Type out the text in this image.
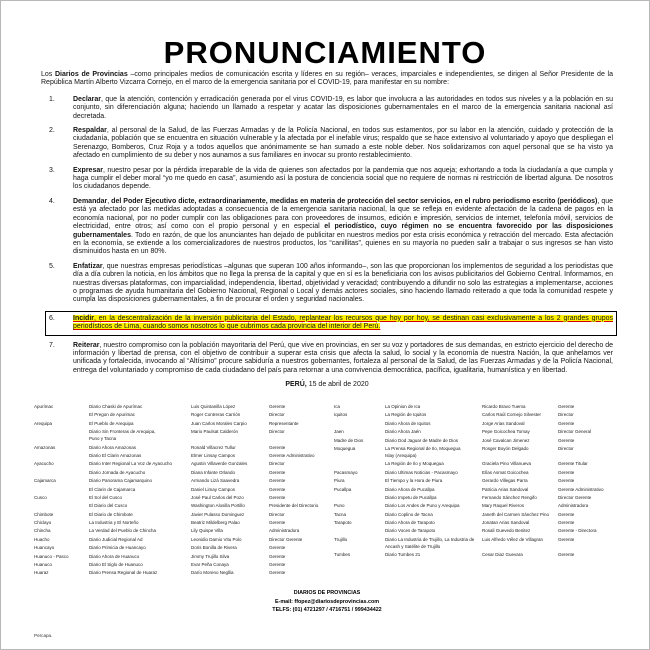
PRONUNCIAMIENTO

Los Diarios de Provincias –como principales medios de comunicación escrita y líderes en su región– veraces, imparciales e independientes, se dirigen al Señor Presidente de la República Martín Alberto Vizcarra Cornejo, en el marco de la emergencia sanitaria por el COVID-19, para manifestar en su nombre:

1.	Declarar, que la atención, contención y erradicación generada por el virus COVID-19, es labor que involucra a las autoridades en todos sus niveles y a la población en su conjunto, sin diferenciación alguna; haciendo un llamado a respetar y acatar las disposiciones gubernamentales en el marco de la emergencia sanitaria nacional así decretada.
2.	Respaldar, al personal de la Salud, de las Fuerzas Armadas y de la Policía Nacional, en todos sus estamentos, por su labor en la atención, cuidado y protección de la ciudadanía, población que se encuentra en situación vulnerable y la afectada por el inefable virus; respaldo que se hace extensivo al voluntariado y apoyo que despliegan el Serenazgo, Bomberos, Cruz Roja y a todos aquellos que anónimamente se han sumado a este noble deber. Nos solidarizamos con aquel personal que se ha visto ya afectado en cumplimiento de su deber y nos aunamos a sus familiares en invocar su pronto restablecimiento.
3.	Expresar, nuestro pesar por la pérdida irreparable de la vida de quienes son afectados por la pandemia que nos aqueja; exhortando a toda la ciudadanía a que cumpla y haga cumplir el deber moral “yo me quedo en casa”, asumiendo así la postura de conciencia social que no requiere de normas ni restricción de libertad alguna. De nosotros los ciudadanos depende.
4.	Demandar, del Poder Ejecutivo dicte, extraordinariamente, medidas en materia de protección del sector servicios, en el rubro periodismo escrito (periódicos), que está ya afectado por las medidas adoptadas a consecuencia de la emergencia sanitaria nacional, la que se refleja en evidente afectación de la cadena de pagos en la economía nacional, por no poder cumplir con las obligaciones para con proveedores de insumos, edición e impresión, servicios de internet, telefonía móvil, servicios de electricidad, entre otros; así como con el propio personal y en especial el periodístico, cuyo régimen no se encuentra favorecido por las disposiciones gubernamentales. Todo en razón, de que los anunciantes han dejado de publicitar en nuestros medios por esta crisis económica y retracción del mercado. Esta afectación en la economía, se extiende a los comercializadores de nuestros productos, los “canillitas”, quienes en su mayoría no pueden salir a trabajar o sus ingresos se han visto disminuidos hasta en un 80%.
5.	Enfatizar, que nuestras empresas periodísticas –algunas que superan 100 años informando–, son las que proporcionan los implementos de seguridad a los periodistas que día a día cubren la noticia, en los ámbitos que no llega la prensa de la capital y que en sí es la beneficiaria con los avisos publicitarios del Gobierno Central. Informamos, en nuestras diversas plataformas, con imparcialidad, independencia, libertad, objetividad y veracidad; contribuyendo a difundir no solo las estrategias a implementarse, acciones o programas de ayuda humanitaria del Gobierno Nacional, Regional o Local y demás actores sociales, sino haciendo llamado reiterado a que toda la comunidad respete y cumpla las disposiciones gubernamentales, a fin de procurar el orden y seguridad nacionales.
6.	Incidir, en la descentralización de la inversión publicitaria del Estado, replantear los recursos que hoy por hoy, se destinan casi exclusivamente a los 2 grandes grupos periodísticos de Lima, cuando somos nosotros lo que cubrimos cada provincia del interior del Perú.
7.	Reiterar, nuestro compromiso con la población mayoritaria del Perú, que vive en provincias, en ser su voz y portadores de sus demandas, en estricto ejercicio del derecho de información y libertad de prensa, con el objetivo de contribuir a superar esta crisis que afecta la salud, lo social y la economía de nuestra Nación, la que anhelamos ver unificada y fortalecida, invocando al “Altísimo” procure sabiduría a nuestros gobernantes, fortaleza al personal de la Salud, de las Fuerzas Armadas y de la Policía Nacional, entrega del voluntariado y compromiso de cada ciudadano del país para retornar a una convivencia democrática, pacífica, igualitaria, humanística y en libertad.
PERÚ, 15 de abril de 2020
Apurímac	Diario Chaski de Apurímac	Luis Quintanilla López	Gerente
El Pregon de Apurimac	Roger Contreras Carrión	Director
Arequipa	El Pueblo de Arequipa	Juan Carlos Morales Carpio	Representante
Diario Sin Fronteras de Arequipa,
Puno y Tacna
Mario Paulsat Calderón	Director
Amazonas	Diario Ahora Amazonas	Ronald Villacrez Tullur	Gerente
Diario El Clarin Amazonas	Elmer Linsay Campos	Gerente Administrativo
Ayacucho	Diario Inter Regional La Voz de Ayacucho	Agustin Villaverde Gonzales	Director
Diario Jornada de Ayacucho	Diana Infante Orlando	Gerente
Cajamarca	Diario Panorama Cajamarquino	Armando Lizá Saavedra	Gerente
El Clarin de Cajamarca	Daniel Limay Campos	Gerente
Cusco	El Sol del Cusco	José Paul Carlos del Pozo	Gerente
El Diario del Cusco	Washington Alosilla Portillo	Presidente del Directorio
Chimbote	El Diario de Chimbote	Javier Pulasso Dominguez	Director
Chiclayo	La Industria y El Norteño	Beatriz Mildelberg Palao	Gerente
Chincha	La Verdad del Pueblo de Chincha	Lily Quispe Villa	Administradora
Huacho	Diario Judicial Regional Ad	Leonidio Damio Vitu Polo	Director Gerente
Huancayo	Diario Primicia de Huancayo	Doris Bonilla de Rivera	Gerente
Huanuco - Pasco	Diario Ahora de Huanuco	Jimmy Trujillo Silva	Gerente
Huanuco	Diario El Siglo de Huanuco	Evar Peña Conaya	Gerente
Huaraz	Diario Prensa Regional de Huaraz	Darío Moreno Negllia	Gerente
Ica	La Opinion de Ica	Ricardo Bravo Tuema	Gerente
Iquitos	La Región de Iquitos	Carlos Raúl Cornejo Silvester	Director
Diario Ahora de Iquitos	Jorge Arias Sandoval	Gerente
Jaen	Diario Ahora Jaén	Pepe Goicochea Tomay	Director General
Madre de Dios	Diario Dod Jaguar de Madre de Dios	José Cavalcan Jimenez	Gerente
Moquegua	La Prensa Regional de Ilo, Moquegua
Islay (Arequipa)
Rosger Boyón Delgado	Director
La Región de Ilo y Moquegua	Graciela Pino Villanueva	Gerente Titular
Pacasmayo	Diario Ultimas Noticias - Pacasmayo	Elías Asmat Goicochea	Gerente
Piura	El Tiempo y la Hora de Piura	Gerardo Villegas Parra	Gerente
Pucallpa	Diario Ahora de Pucallpa	Patricia Arias Sandoval	Gerente Administrativo
Diario Impetu de Pucallpa	Fernando Sánchez Rengifo	Director Gerente
Puno	Diario Los Andes de Puno y Arequipa	Mary Raquel Riveros	Administradora
Tacna	Diario Coplino de Tacna	Janeth del Carmen Sánchez Pino	Gerente
Tarapoto	Diario Ahora de Tarapoto	Jonatan Arias Sandoval	Gerente
Diario Voces de Tarapoto	Rosali Guevedo Benitez	Gerente - Directora
Trujillo	Diario La Industria de Trujillo, La Industria de
Ancash y Satélite de Trujillo
Luis Alfredo Vélez de Villagran	Gerente
Tumbes	Diario Tumbes 21	Cesar Diaz Guevara	Gerente
DIARIOS DE PROVINCIAS
E-mail: ffopez@diariosdeprovincias.com
TELFS: (01) 4721297 / 4716751 / 999434422
Percapa.
